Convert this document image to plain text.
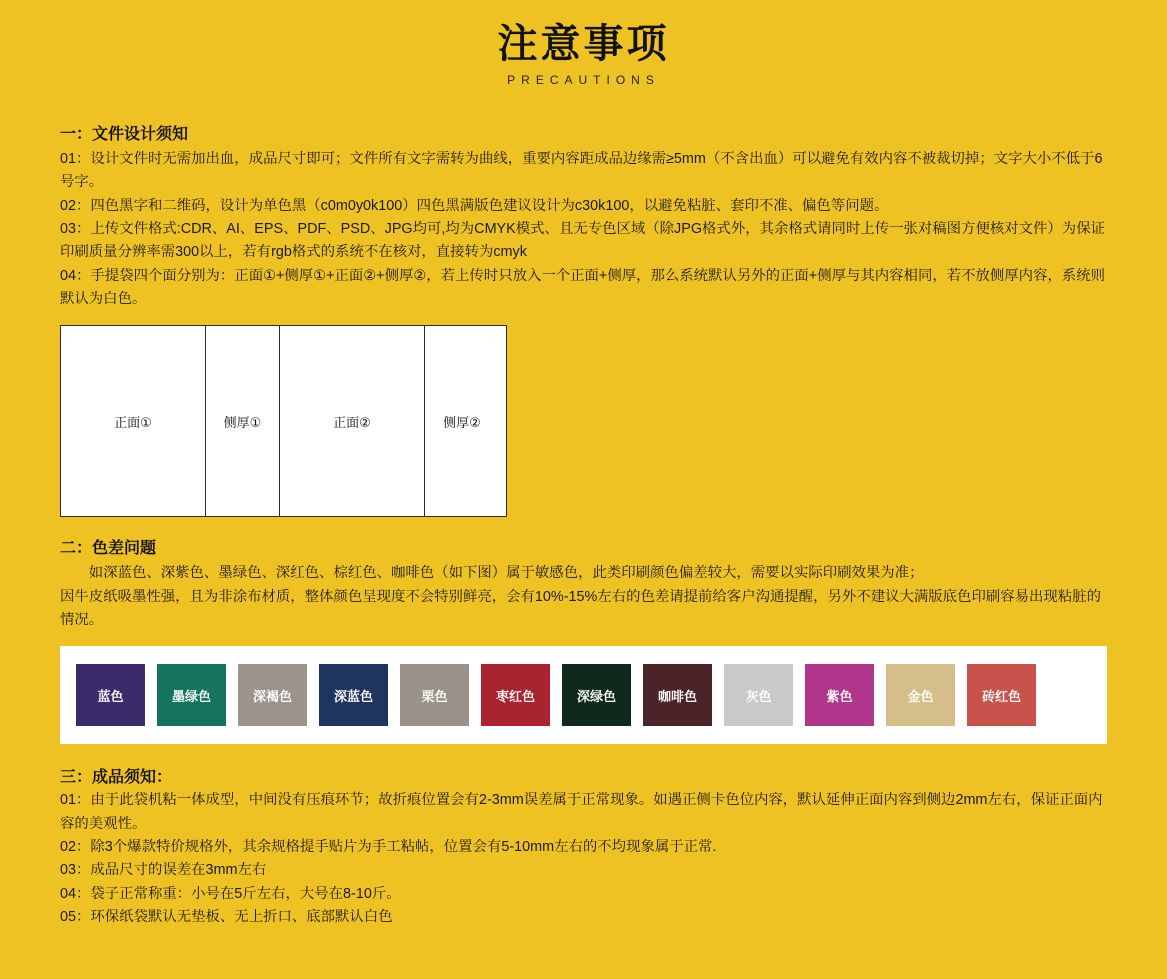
注意事项
PRECAUTIONS
一：文件设计须知
01：设计文件时无需加出血，成品尺寸即可；文件所有文字需转为曲线，重要内容距成品边缘需≥5mm（不含出血）可以避免有效内容不被裁切掉；文字大小不低于6号字。
02：四色黑字和二维码，设计为单色黑（c0m0y0k100）四色黑满版色建议设计为c30k100，以避免粘脏、套印不准、偏色等问题。
03：上传文件格式:CDR、AI、EPS、PDF、PSD、JPG均可,均为CMYK模式、且无专色区域（除JPG格式外，其余格式请同时上传一张对稿图方便核对文件）为保证印刷质量分辨率需300以上，若有rgb格式的系统不在核对，直接转为cmyk
04：手提袋四个面分别为：正面①+侧厚①+正面②+侧厚②，若上传时只放入一个正面+侧厚，那么系统默认另外的正面+侧厚与其内容相同，若不放侧厚内容，系统则默认为白色。
正面①	侧厚①	正面②	侧厚②
二：色差问题
如深蓝色、深紫色、墨绿色、深红色、棕红色、咖啡色（如下图）属于敏感色，此类印刷颜色偏差较大，需要以实际印刷效果为准；
因牛皮纸吸墨性强，且为非涂布材质，整体颜色呈现度不会特别鲜亮，会有10%-15%左右的色差请提前给客户沟通提醒，另外不建议大满版底色印刷容易出现粘脏的情况。
蓝色	墨绿色	深褐色	深蓝色	栗色	枣红色	深绿色	咖啡色	灰色	紫色	金色	砖红色
三：成品须知：
01：由于此袋机粘一体成型，中间没有压痕环节；故折痕位置会有2-3mm误差属于正常现象。如遇正侧卡色位内容，默认延伸正面内容到侧边2mm左右，保证正面内容的美观性。
02：除3个爆款特价规格外，其余规格提手贴片为手工粘帖，位置会有5-10mm左右的不均现象属于正常.
03：成品尺寸的误差在3mm左右
04：袋子正常称重：小号在5斤左右，大号在8-10斤。
05：环保纸袋默认无垫板、无上折口、底部默认白色
